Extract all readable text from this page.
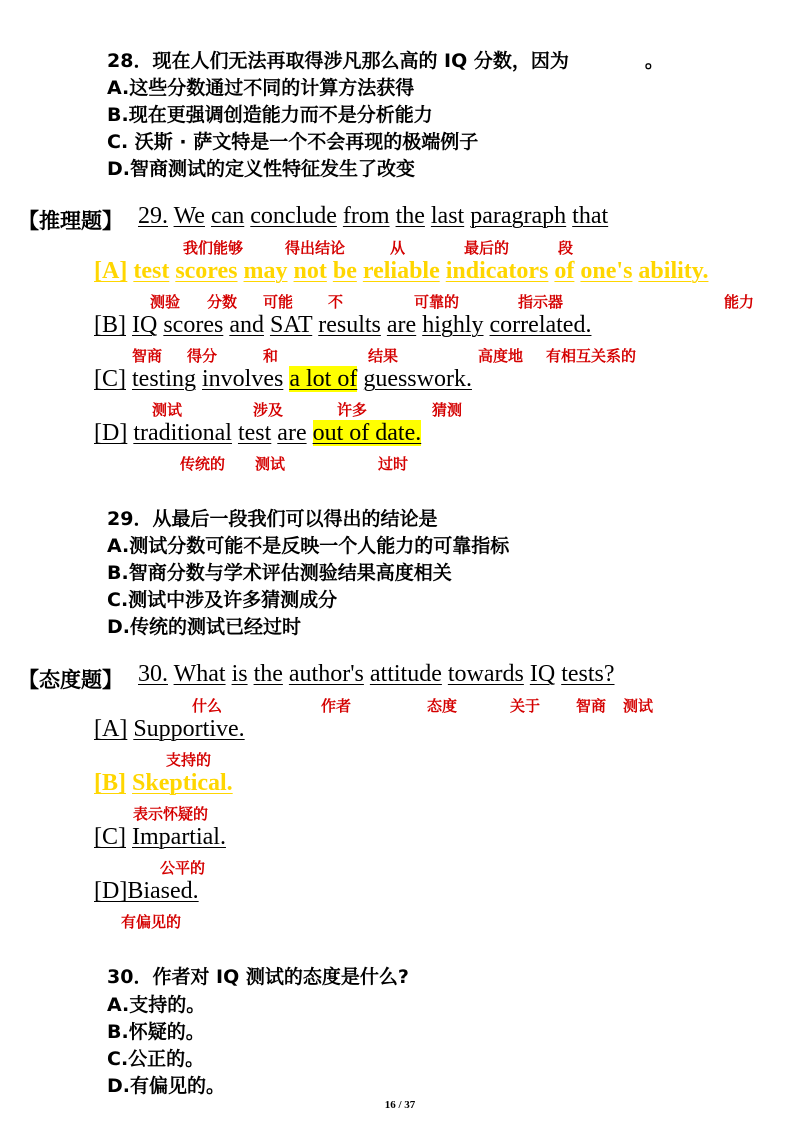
28．现在人们无法再取得涉凡那么高的 IQ 分数，因为　　　　。
A.这些分数通过不同的计算方法获得
B.现在更强调创造能力而不是分析能力
C. 沃斯 · 萨文特是一个不会再现的极端例子
D.智商测试的定义性特征发生了改变
【推理题】 29. We can conclude from the last paragraph that
我们能够	得出结论	从	最后的	段
[A] test scores may not be reliable indicators of one's ability.
测验 分数 可能 不	可靠的	指示器	能力
[B] IQ scores and SAT results are highly correlated.
智商 得分	和	结果	高度地 有相互关系的
[C] testing involves a lot of guesswork.
测试	涉及	许多	猜测
[D] traditional test are out of date.
传统的 测试	过时
29．从最后一段我们可以得出的结论是
A.测试分数可能不是反映一个人能力的可靠指标
B.智商分数与学术评估测验结果高度相关
C.测试中涉及许多猜测成分
D.传统的测试已经过时
【态度题】 30. What is the author's attitude towards IQ tests?
什么	作者	态度	关于 智商 测试
[A] Supportive.
支持的
[B] Skeptical.
表示怀疑的
[C] Impartial.
公平的
[D]Biased.
有偏见的
30．作者对 IQ 测试的态度是什么?
A.支持的。
B.怀疑的。
C.公正的。
D.有偏见的。
16 / 37
